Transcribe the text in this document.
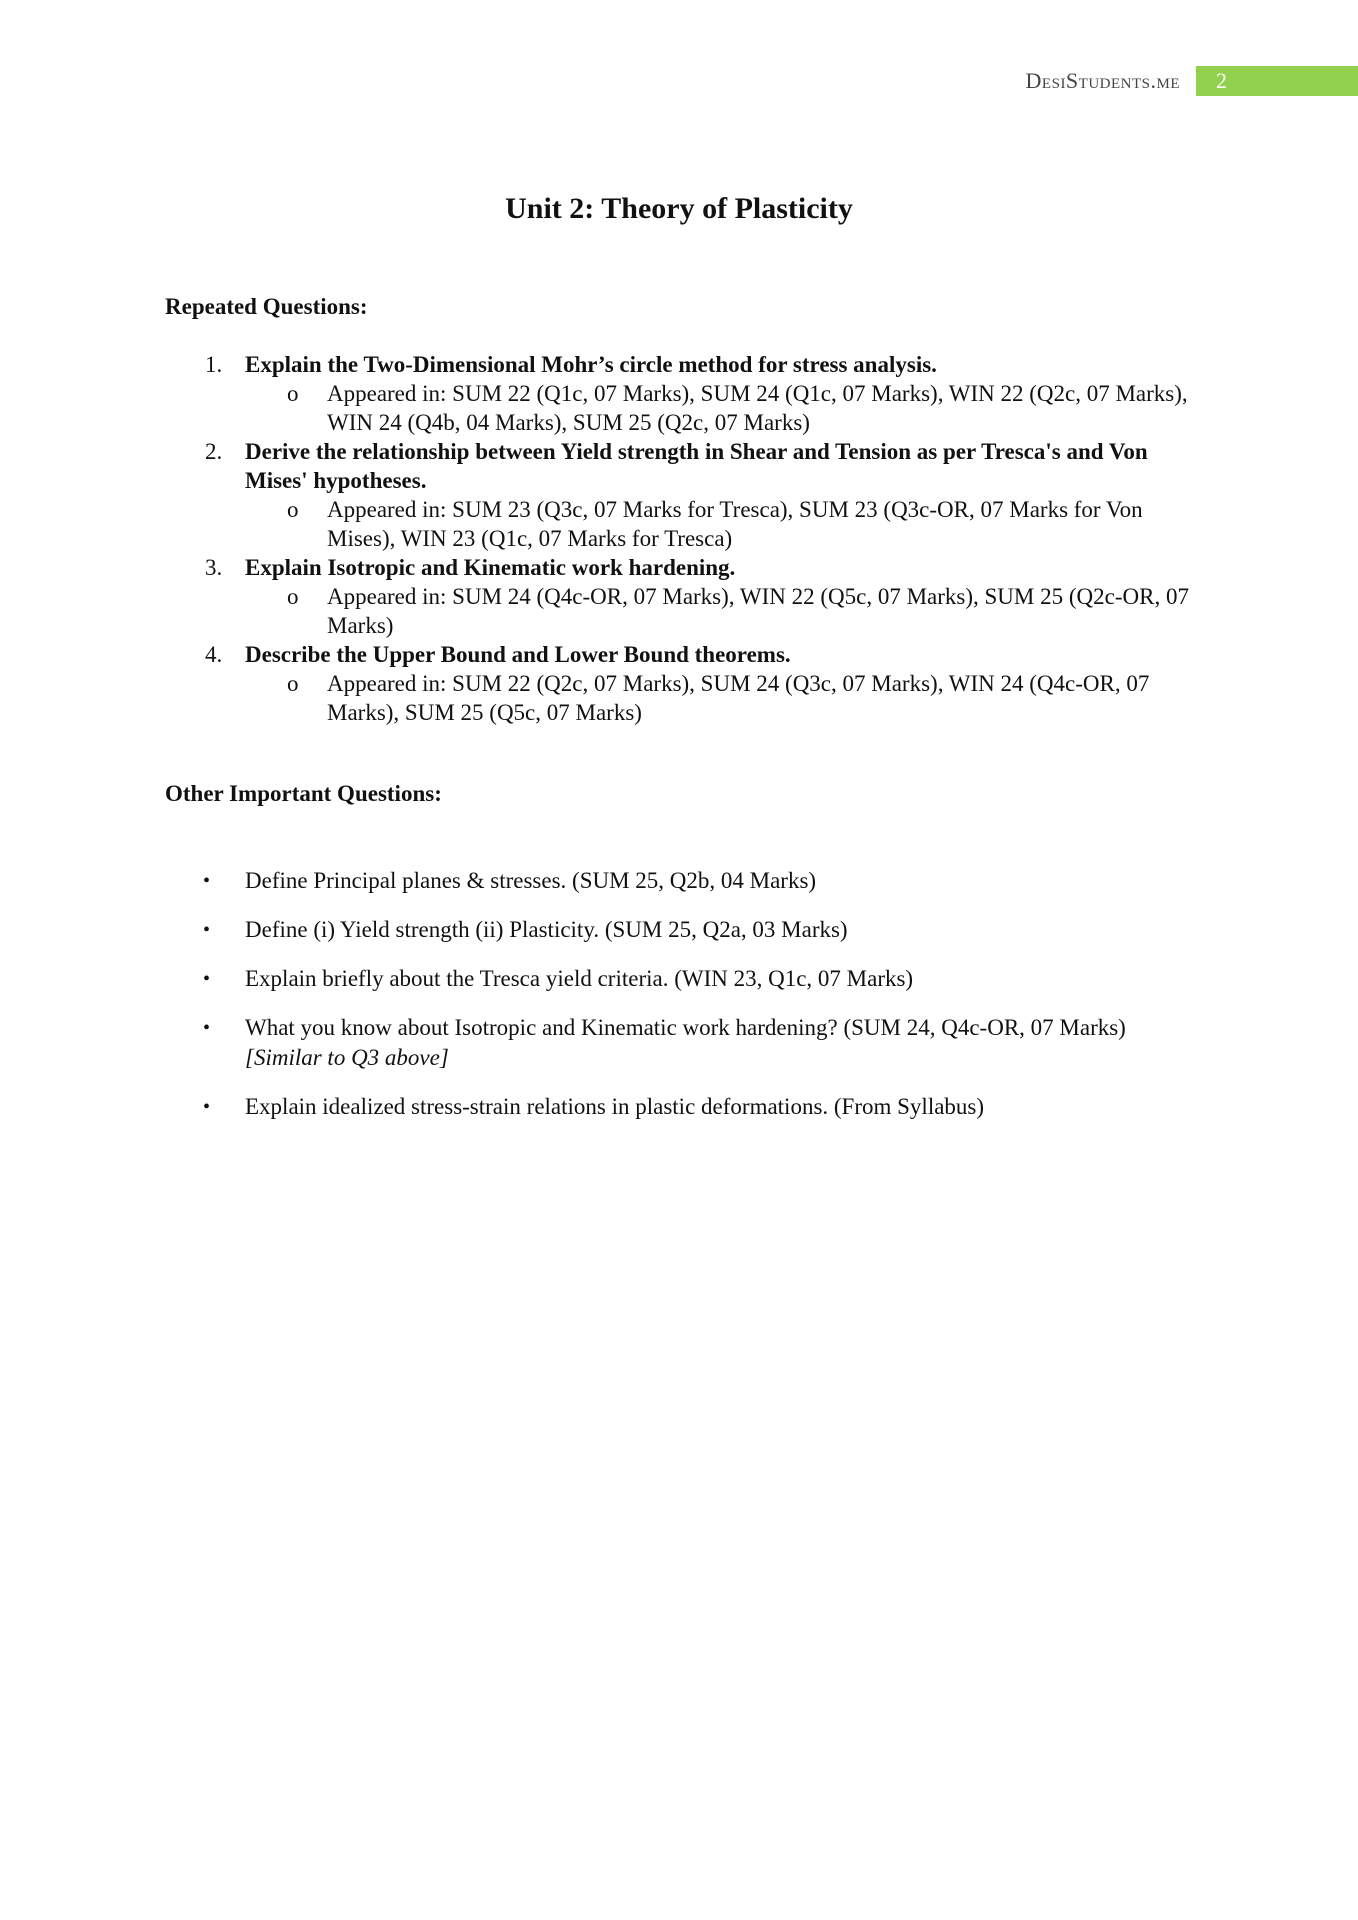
DesiStudents.me	2
Unit 2: Theory of Plasticity
Repeated Questions:
1. Explain the Two-Dimensional Mohr’s circle method for stress analysis.
o Appeared in: SUM 22 (Q1c, 07 Marks), SUM 24 (Q1c, 07 Marks), WIN 22 (Q2c, 07 Marks), WIN 24 (Q4b, 04 Marks), SUM 25 (Q2c, 07 Marks)
2. Derive the relationship between Yield strength in Shear and Tension as per Tresca's and Von Mises' hypotheses.
o Appeared in: SUM 23 (Q3c, 07 Marks for Tresca), SUM 23 (Q3c-OR, 07 Marks for Von Mises), WIN 23 (Q1c, 07 Marks for Tresca)
3. Explain Isotropic and Kinematic work hardening.
o Appeared in: SUM 24 (Q4c-OR, 07 Marks), WIN 22 (Q5c, 07 Marks), SUM 25 (Q2c-OR, 07 Marks)
4. Describe the Upper Bound and Lower Bound theorems.
o Appeared in: SUM 22 (Q2c, 07 Marks), SUM 24 (Q3c, 07 Marks), WIN 24 (Q4c-OR, 07 Marks), SUM 25 (Q5c, 07 Marks)
Other Important Questions:
• Define Principal planes & stresses. (SUM 25, Q2b, 04 Marks)
• Define (i) Yield strength (ii) Plasticity. (SUM 25, Q2a, 03 Marks)
• Explain briefly about the Tresca yield criteria. (WIN 23, Q1c, 07 Marks)
• What you know about Isotropic and Kinematic work hardening? (SUM 24, Q4c-OR, 07 Marks) [Similar to Q3 above]
• Explain idealized stress-strain relations in plastic deformations. (From Syllabus)
